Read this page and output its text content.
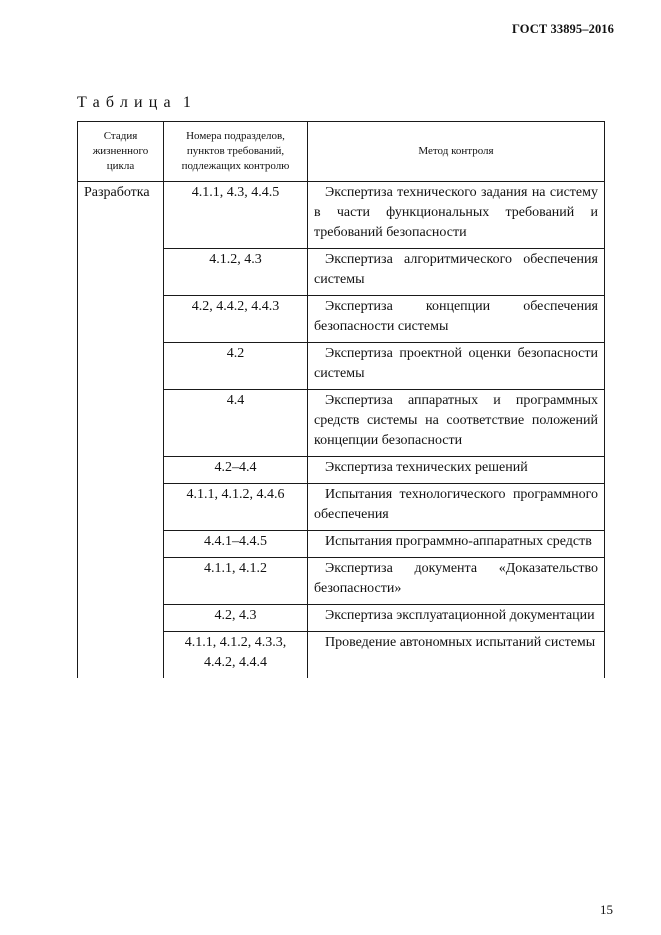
ГОСТ 33895–2016
Таблица 1
Стадия жизненного цикла	Номера подразделов, пунктов требований, подлежащих контролю	Метод контроля
Разработка	4.1.1, 4.3, 4.4.5	Экспертиза технического задания на систему в части функциональных требований и требований безопасности

	4.1.2, 4.3	Экспертиза алгоритмического обеспечения системы

	4.2, 4.4.2, 4.4.3	Экспертиза концепции обеспечения безопасности системы

	4.2	Экспертиза проектной оценки безопасности системы

	4.4	Экспертиза аппаратных и программных средств системы на соответствие положений концепции безопасности

	4.2–4.4	Экспертиза технических решений

	4.1.1, 4.1.2, 4.4.6	Испытания технологического программного обеспечения

	4.4.1–4.4.5	Испытания программно-аппаратных средств

	4.1.1, 4.1.2	Экспертиза документа «Доказательство безопасности»

	4.2, 4.3	Экспертиза эксплуатационной документации

	4.1.1, 4.1.2, 4.3.3, 4.4.2, 4.4.4	Проведение автономных испытаний системы
15
